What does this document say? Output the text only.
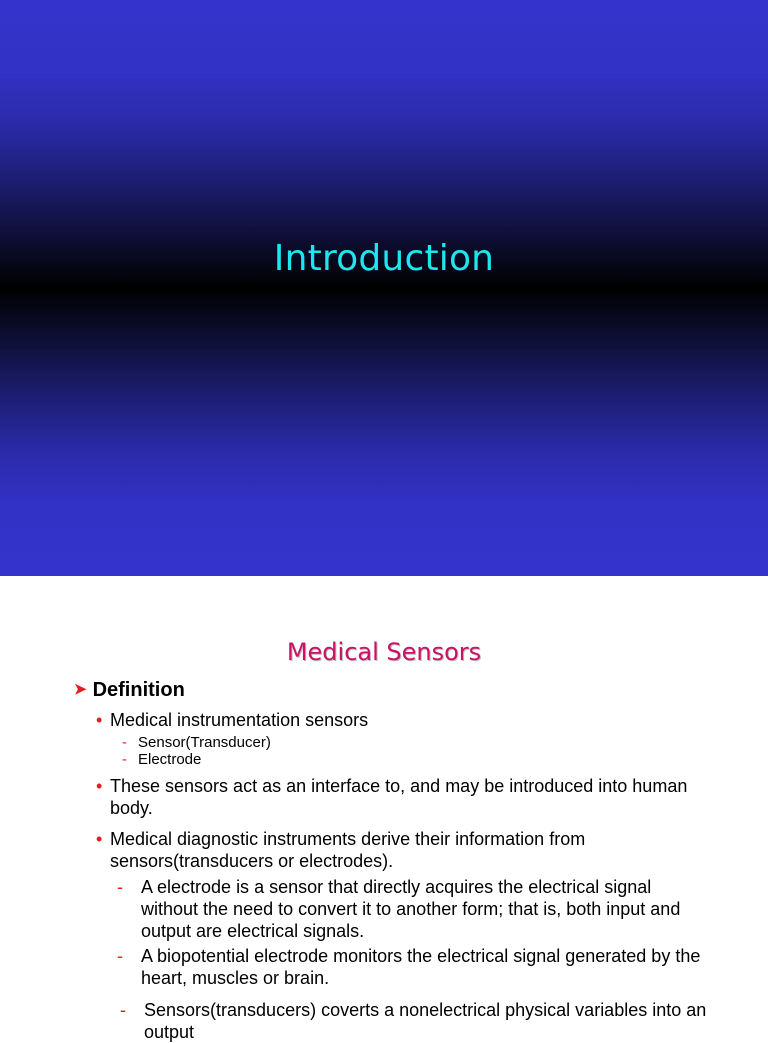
Introduction
Medical Sensors
➤ Definition
• Medical instrumentation sensors
- Sensor(Transducer)
- Electrode
• These sensors act as an interface to, and may be introduced into human body.
• Medical diagnostic instruments derive their information from sensors(transducers or electrodes).
- A electrode is a sensor that directly acquires the electrical signal without the need to convert it to another form; that is, both input and output are electrical signals.
- A biopotential electrode monitors the electrical signal generated by the heart, muscles or brain.
- Sensors(transducers) coverts a nonelectrical physical variables into an output
